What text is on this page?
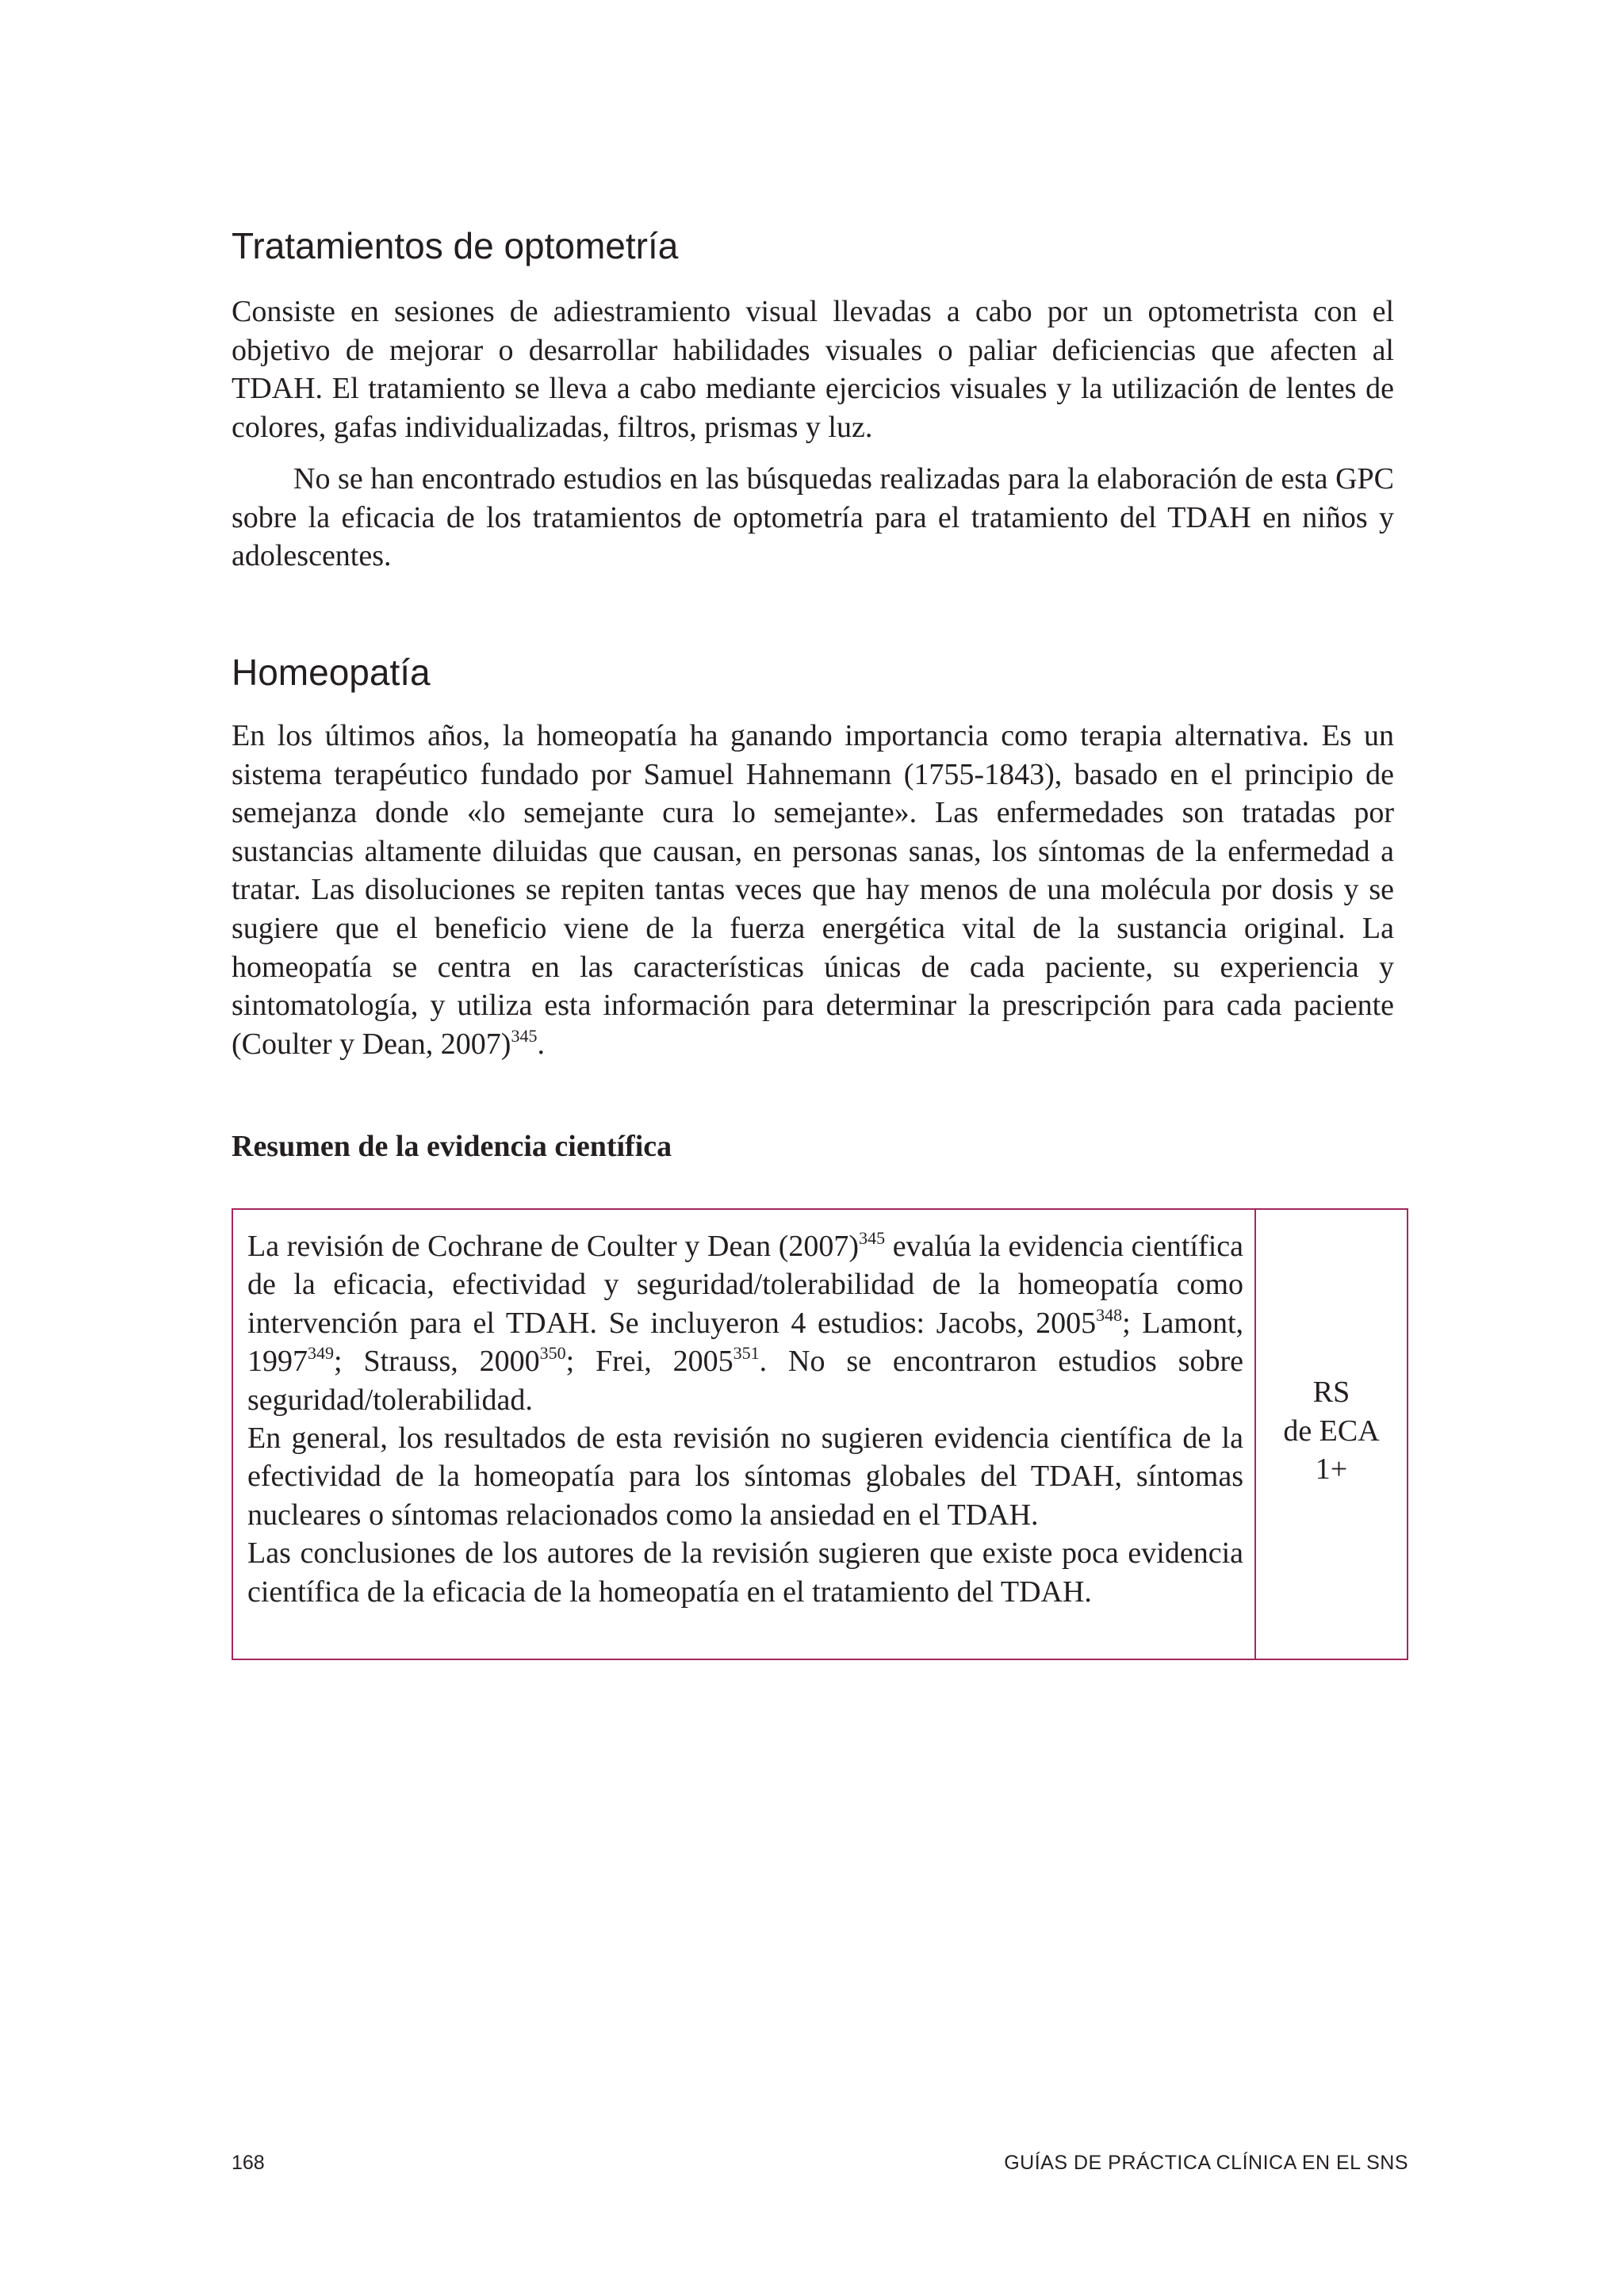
Tratamientos de optometría

Consiste en sesiones de adiestramiento visual llevadas a cabo por un optometrista con el objetivo de mejorar o desarrollar habilidades visuales o paliar deficiencias que afecten al TDAH. El tratamiento se lleva a cabo mediante ejercicios visuales y la utilización de lentes de colores, gafas individualizadas, filtros, prismas y luz.

No se han encontrado estudios en las búsquedas realizadas para la elaboración de esta GPC sobre la eficacia de los tratamientos de optometría para el tratamiento del TDAH en niños y adolescentes.

Homeopatía

En los últimos años, la homeopatía ha ganando importancia como terapia alternativa. Es un sistema terapéutico fundado por Samuel Hahnemann (1755-1843), basado en el principio de semejanza donde «lo semejante cura lo semejante». Las enfermedades son tratadas por sustancias altamente diluidas que causan, en personas sanas, los síntomas de la enfermedad a tratar. Las disoluciones se repiten tantas veces que hay menos de una molécula por dosis y se sugiere que el beneficio viene de la fuerza energética vital de la sustancia original. La homeopatía se centra en las características únicas de cada paciente, su experiencia y sintomatología, y utiliza esta información para determinar la prescripción para cada paciente (Coulter y Dean, 2007)$^{345}$.

Resumen de la evidencia científica

La revisión de Cochrane de Coulter y Dean $(2007)^{345}$ evalúa la evidencia científica de la eficacia, efectividad y seguridad/tolerabilidad de la homeopatía como intervención para el TDAH. Se incluyeron 4 estudios: Jacobs, 2005$^{348}$; Lamont, 1997$^{349}$; Strauss, 2000$^{350}$; Frei, 2005$^{351}$. No se encontraron estudios sobre seguridad/tolerabilidad.

En general, los resultados de esta revisión no sugieren evidencia científica de la efectividad de la homeopatía para los síntomas globales del TDAH, síntomas nucleares o síntomas relacionados como la ansiedad en el TDAH.

Las conclusiones de los autores de la revisión sugieren que existe poca evidencia científica de la eficacia de la homeopatía en el tratamiento del TDAH.

RS
de ECA
1+
168	GUÍAS DE PRÁCTICA CLÍNICA EN EL SNS
